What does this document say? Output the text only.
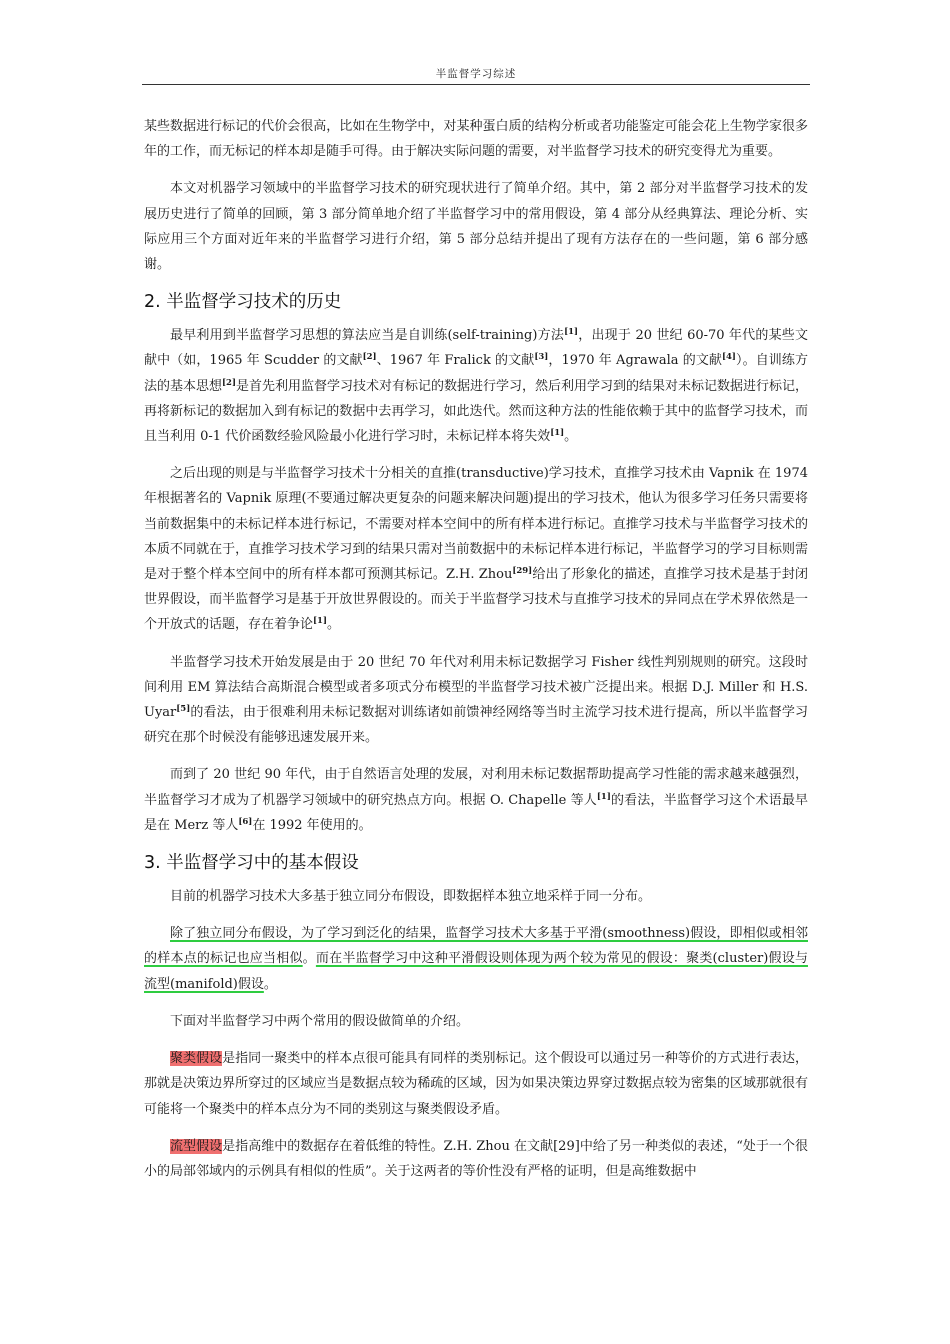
半监督学习综述

某些数据进行标记的代价会很高，比如在生物学中，对某种蛋白质的结构分析或者功能鉴定可能会花上生物学家很多年的工作，而无标记的样本却是随手可得。由于解决实际问题的需要，对半监督学习技术的研究变得尤为重要。

本文对机器学习领域中的半监督学习技术的研究现状进行了简单介绍。其中，第 2 部分对半监督学习技术的发展历史进行了简单的回顾，第 3 部分简单地介绍了半监督学习中的常用假设，第 4 部分从经典算法、理论分析、实际应用三个方面对近年来的半监督学习进行介绍，第 5 部分总结并提出了现有方法存在的一些问题，第 6 部分感谢。

2. 半监督学习技术的历史

最早利用到半监督学习思想的算法应当是自训练(self-training)方法[1]，出现于 20 世纪 60-70 年代的某些文献中（如，1965 年 Scudder 的文献[2]、1967 年 Fralick 的文献[3]，1970 年 Agrawala 的文献[4]）。自训练方法的基本思想[2]是首先利用监督学习技术对有标记的数据进行学习，然后利用学习到的结果对未标记数据进行标记，再将新标记的数据加入到有标记的数据中去再学习，如此迭代。然而这种方法的性能依赖于其中的监督学习技术，而且当利用 0-1 代价函数经验风险最小化进行学习时，未标记样本将失效[1]。

之后出现的则是与半监督学习技术十分相关的直推(transductive)学习技术，直推学习技术由 Vapnik 在 1974 年根据著名的 Vapnik 原理(不要通过解决更复杂的问题来解决问题)提出的学习技术，他认为很多学习任务只需要将当前数据集中的未标记样本进行标记，不需要对样本空间中的所有样本进行标记。直推学习技术与半监督学习技术的本质不同就在于，直推学习技术学习到的结果只需对当前数据中的未标记样本进行标记，半监督学习的学习目标则需是对于整个样本空间中的所有样本都可预测其标记。Z.H. Zhou[29]给出了形象化的描述，直推学习技术是基于封闭世界假设，而半监督学习是基于开放世界假设的。而关于半监督学习技术与直推学习技术的异同点在学术界依然是一个开放式的话题，存在着争论[1]。

半监督学习技术开始发展是由于 20 世纪 70 年代对利用未标记数据学习 Fisher 线性判别规则的研究。这段时间利用 EM 算法结合高斯混合模型或者多项式分布模型的半监督学习技术被广泛提出来。根据 D.J. Miller 和 H.S. Uyar[5]的看法，由于很难利用未标记数据对训练诸如前馈神经网络等当时主流学习技术进行提高，所以半监督学习研究在那个时候没有能够迅速发展开来。

而到了 20 世纪 90 年代，由于自然语言处理的发展，对利用未标记数据帮助提高学习性能的需求越来越强烈，半监督学习才成为了机器学习领域中的研究热点方向。根据 O. Chapelle 等人[1]的看法，半监督学习这个术语最早是在 Merz 等人[6]在 1992 年使用的。

3. 半监督学习中的基本假设

目前的机器学习技术大多基于独立同分布假设，即数据样本独立地采样于同一分布。

除了独立同分布假设，为了学习到泛化的结果，监督学习技术大多基于平滑(smoothness)假设，即相似或相邻的样本点的标记也应当相似。而在半监督学习中这种平滑假设则体现为两个较为常见的假设：聚类(cluster)假设与流型(manifold)假设。

下面对半监督学习中两个常用的假设做简单的介绍。

聚类假设是指同一聚类中的样本点很可能具有同样的类别标记。这个假设可以通过另一种等价的方式进行表达，那就是决策边界所穿过的区域应当是数据点较为稀疏的区域，因为如果决策边界穿过数据点较为密集的区域那就很有可能将一个聚类中的样本点分为不同的类别这与聚类假设矛盾。

流型假设是指高维中的数据存在着低维的特性。Z.H. Zhou 在文献[29]中给了另一种类似的表述，“处于一个很小的局部邻域内的示例具有相似的性质”。关于这两者的等价性没有严格的证明，但是高维数据中
